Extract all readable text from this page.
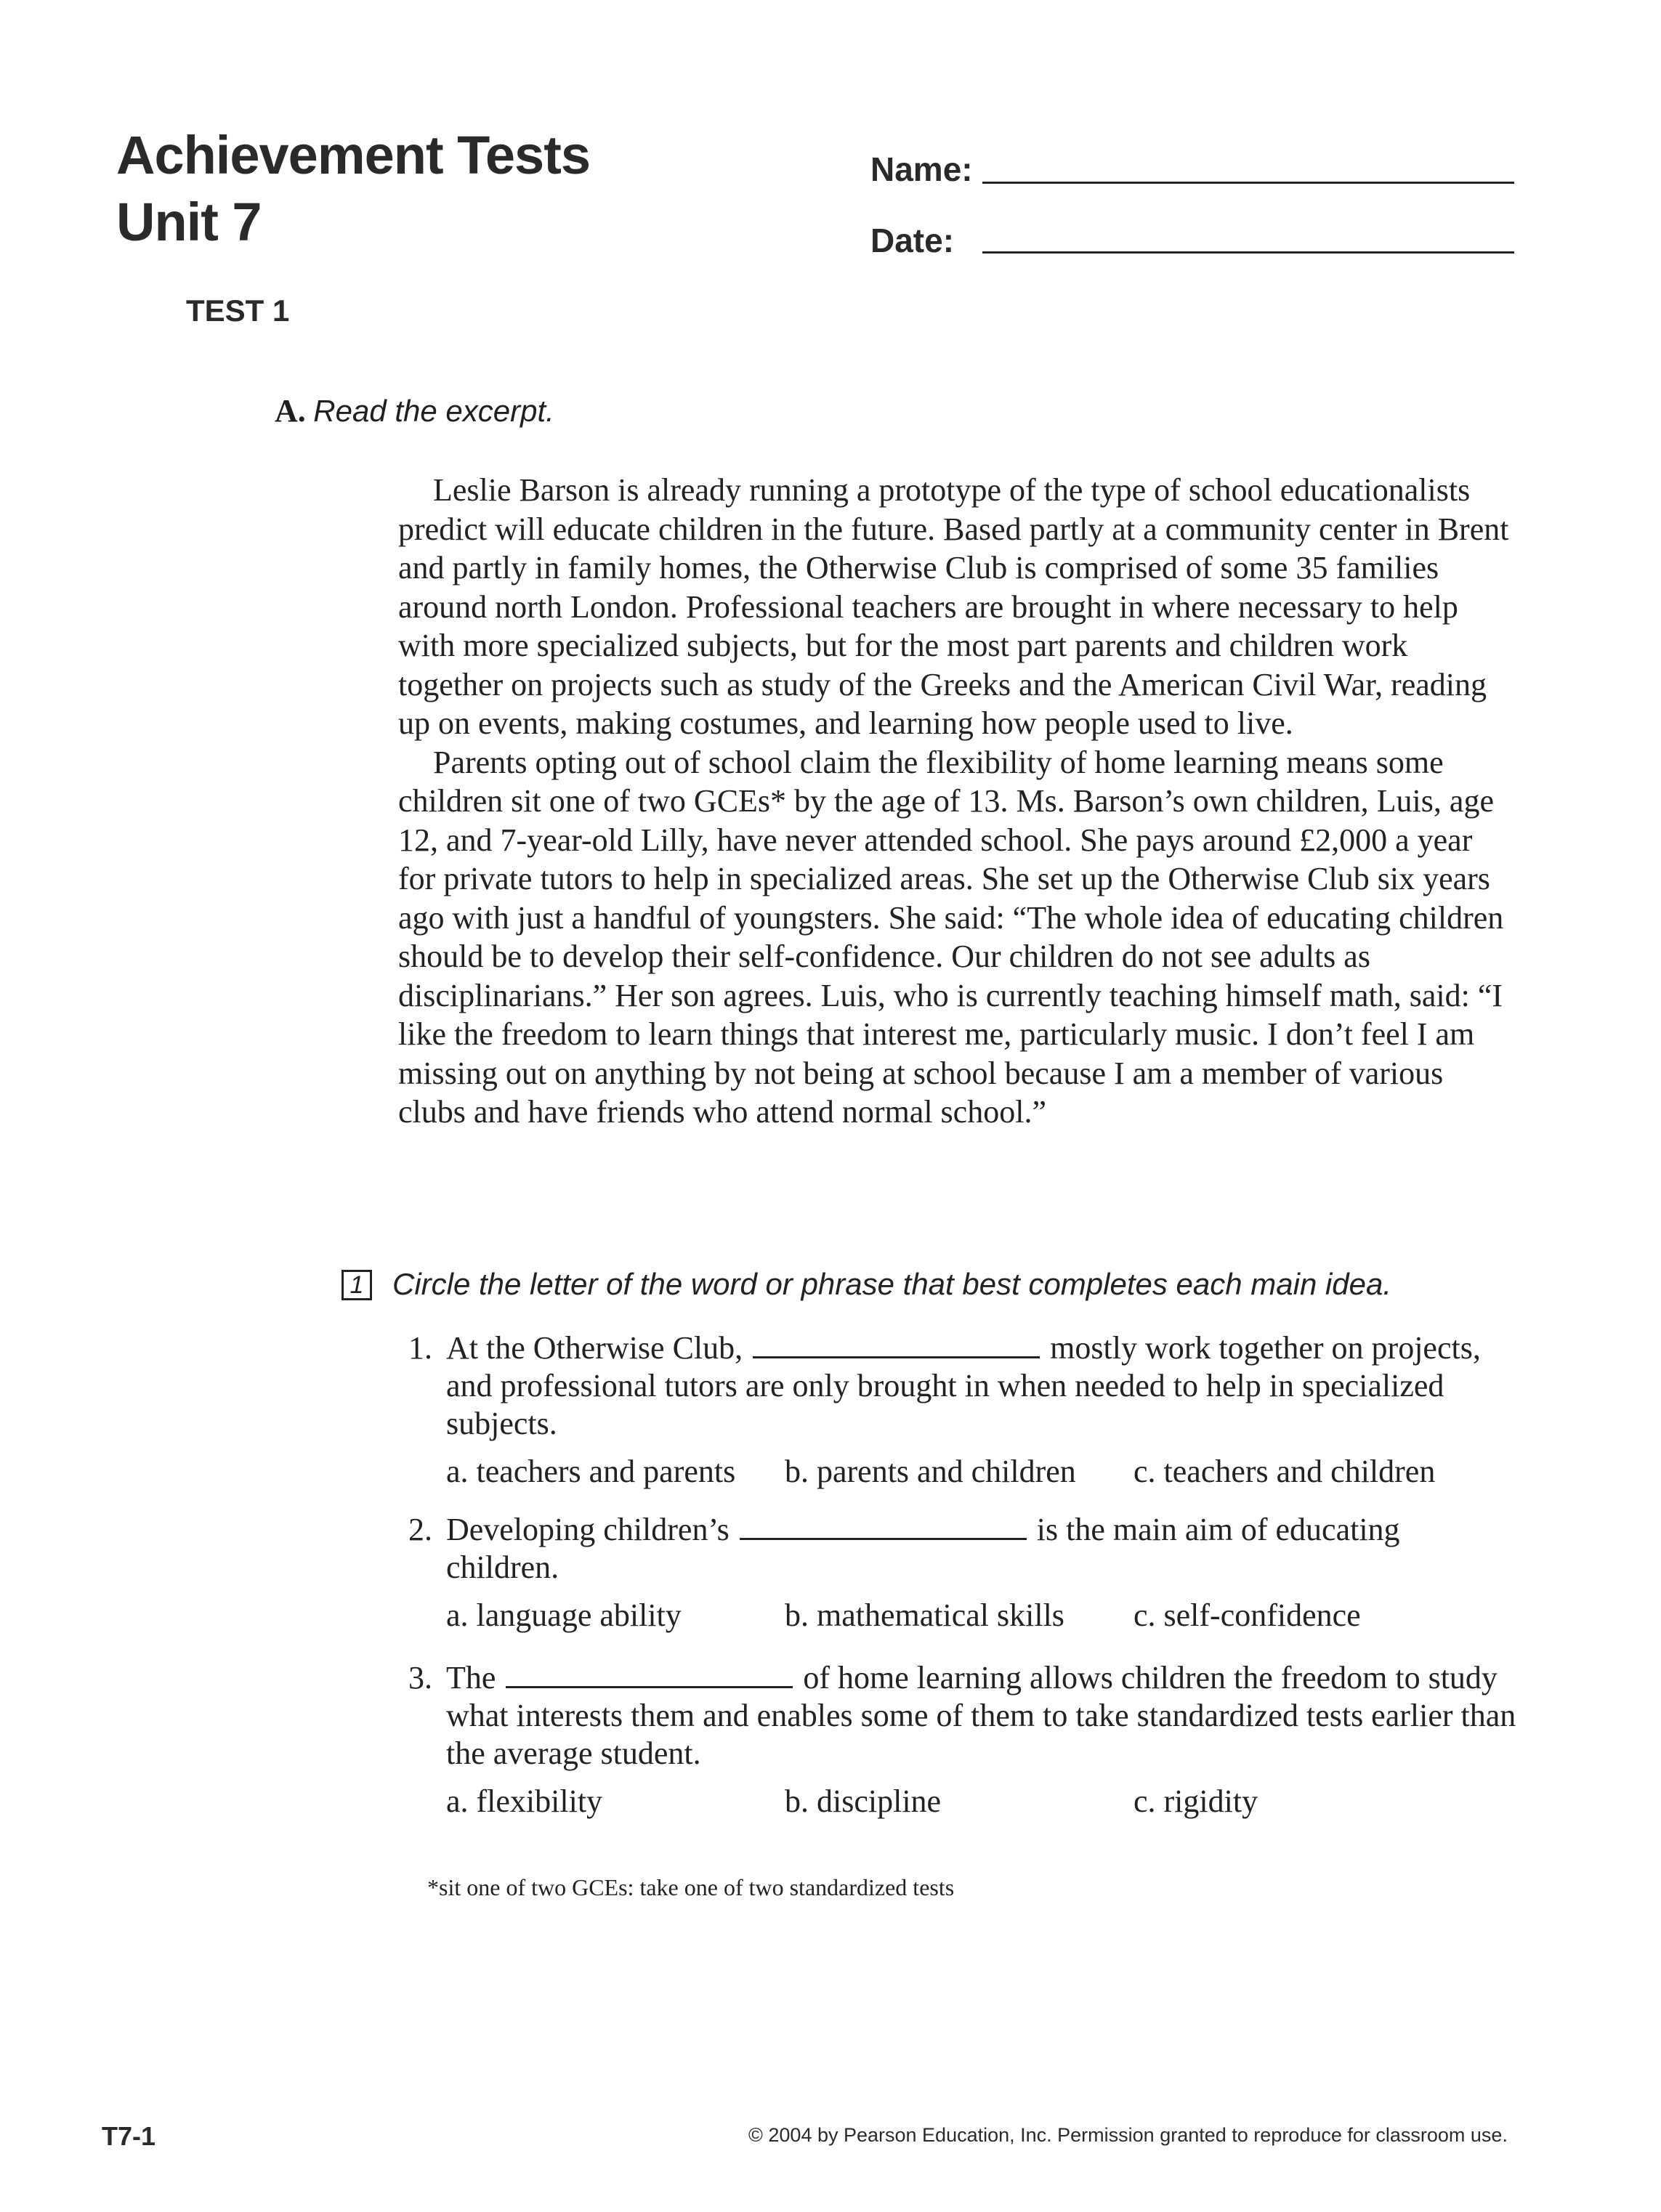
Achievement Tests
Unit 7
Name:
Date:
TEST 1
A. Read the excerpt.

Leslie Barson is already running a prototype of the type of school educationalists predict will educate children in the future. Based partly at a community center in Brent and partly in family homes, the Otherwise Club is comprised of some 35 families around north London. Professional teachers are brought in where necessary to help with more specialized subjects, but for the most part parents and children work together on projects such as study of the Greeks and the American Civil War, reading up on events, making costumes, and learning how people used to live.

Parents opting out of school claim the flexibility of home learning means some children sit one of two GCEs* by the age of 13. Ms. Barson’s own children, Luis, age 12, and 7-year-old Lilly, have never attended school. She pays around £2,000 a year for private tutors to help in specialized areas. She set up the Otherwise Club six years ago with just a handful of youngsters. She said: “The whole idea of educating children should be to develop their self-confidence. Our children do not see adults as disciplinarians.” Her son agrees. Luis, who is currently teaching himself math, said: “I like the freedom to learn things that interest me, particularly music. I don’t feel I am missing out on anything by not being at school because I am a member of various clubs and have friends who attend normal school.”

1 Circle the letter of the word or phrase that best completes each main idea.
1. At the Otherwise Club,	mostly work together on projects, and professional tutors are only brought in when needed to help in specialized subjects.
a. teachers and parents b. parents and children c. teachers and children
2. Developing children’s	is the main aim of educating children.
a. language ability	b. mathematical skills c. self-confidence
3. The	of home learning allows children the freedom to study what interests them and enables some of them to take standardized tests earlier than the average student.
a. flexibility	b. discipline	c. rigidity
*sit one of two GCEs: take one of two standardized tests
T7-1	© 2004 by Pearson Education, Inc. Permission granted to reproduce for classroom use.
